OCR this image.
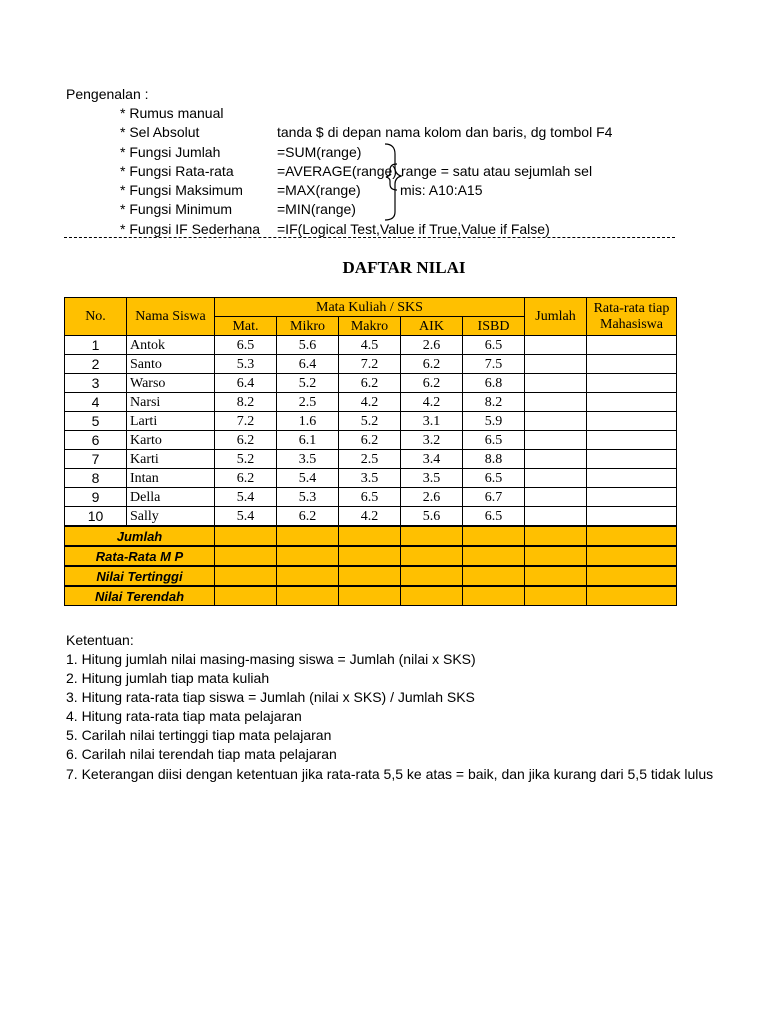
Pengenalan :
* Rumus manual
* Sel Absolut	tanda $ di depan nama kolom dan baris, dg tombol F4
* Fungsi Jumlah	=SUM(range)
* Fungsi Rata-rata	=AVERAGE(range)
* Fungsi Maksimum =MAX(range)
* Fungsi Minimum	=MIN(range)
* Fungsi IF Sederhana =IF(Logical Test,Value if True,Value if False)
range = satu atau sejumlah sel
mis: A10:A15
DAFTAR NILAI
No.	Nama Siswa	Mata Kuliah / SKS					Jumlah	Rata-rata tiap Mahasiswa
		Mat.	Mikro	Makro	AIK	ISBD		
1	Antok	6.5	5.6	4.5	2.6	6.5		
2	Santo	5.3	6.4	7.2	6.2	7.5		
3	Warso	6.4	5.2	6.2	6.2	6.8		
4	Narsi	8.2	2.5	4.2	4.2	8.2		
5	Larti	7.2	1.6	5.2	3.1	5.9		
6	Karto	6.2	6.1	6.2	3.2	6.5		
7	Karti	5.2	3.5	2.5	3.4	8.8		
8	Intan	6.2	5.4	3.5	3.5	6.5		
9	Della	5.4	5.3	6.5	2.6	6.7		
10	Sally	5.4	6.2	4.2	5.6	6.5		
Jumlah								
Rata-Rata M P								
Nilai Tertinggi								
Nilai Terendah								
Ketentuan:
1. Hitung jumlah nilai masing-masing siswa = Jumlah (nilai x SKS)
2. Hitung jumlah tiap mata kuliah
3. Hitung rata-rata tiap siswa = Jumlah (nilai x SKS) / Jumlah SKS
4. Hitung rata-rata tiap mata pelajaran
5. Carilah nilai tertinggi tiap mata pelajaran
6. Carilah nilai terendah tiap mata pelajaran
7. Keterangan diisi dengan ketentuan jika rata-rata 5,5 ke atas = baik, dan jika kurang dari 5,5 tidak lulus
